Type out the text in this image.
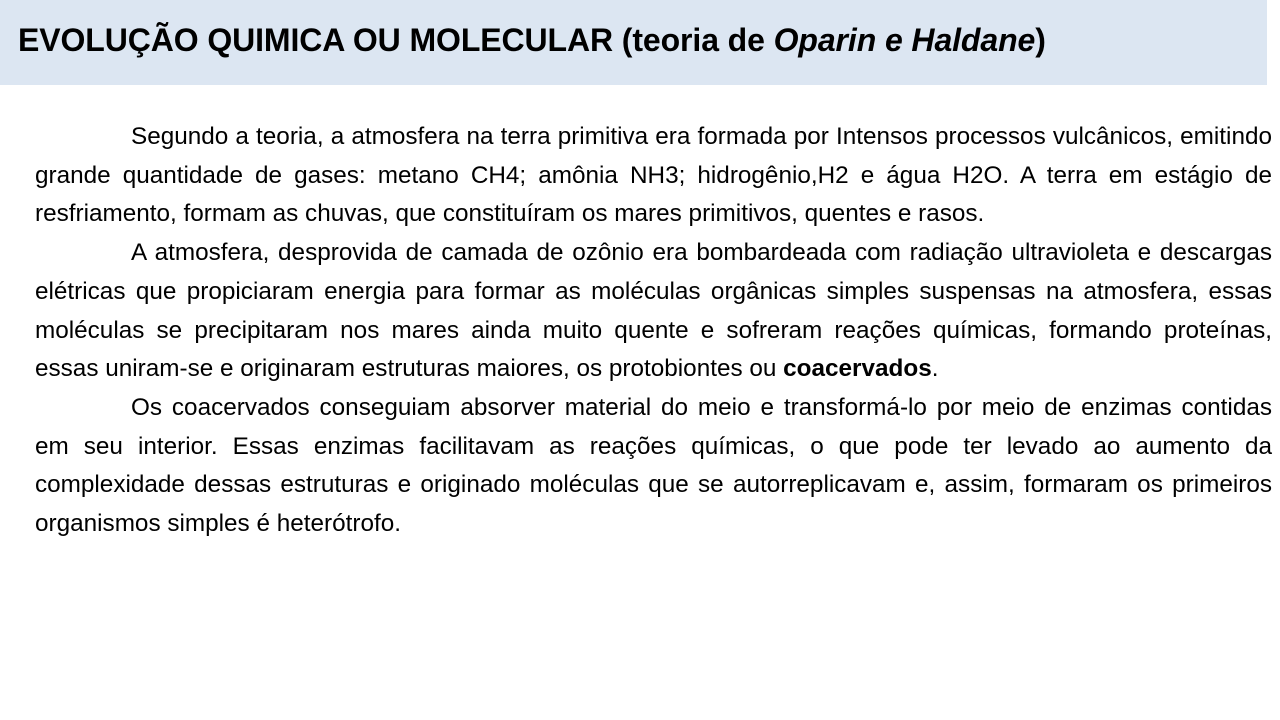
EVOLUÇÃO QUIMICA OU MOLECULAR (teoria de Oparin e Haldane)

Segundo a teoria, a atmosfera na terra primitiva era formada por Intensos processos vulcânicos, emitindo grande quantidade de gases: metano CH4; amônia NH3; hidrogênio,H2 e água H2O. A terra em estágio de resfriamento, formam as chuvas, que constituíram os mares primitivos, quentes e rasos.

A atmosfera, desprovida de camada de ozônio era bombardeada com radiação ultravioleta e descargas elétricas que propiciaram energia para formar as moléculas orgânicas simples suspensas na atmosfera, essas moléculas se precipitaram nos mares ainda muito quente e sofreram reações químicas, formando proteínas, essas uniram-se e originaram estruturas maiores, os protobiontes ou coacervados.

Os coacervados conseguiam absorver material do meio e transformá-lo por meio de enzimas contidas em seu interior. Essas enzimas facilitavam as reações químicas, o que pode ter levado ao aumento da complexidade dessas estruturas e originado moléculas que se autorreplicavam e, assim, formaram os primeiros organismos simples é heterótrofo.
